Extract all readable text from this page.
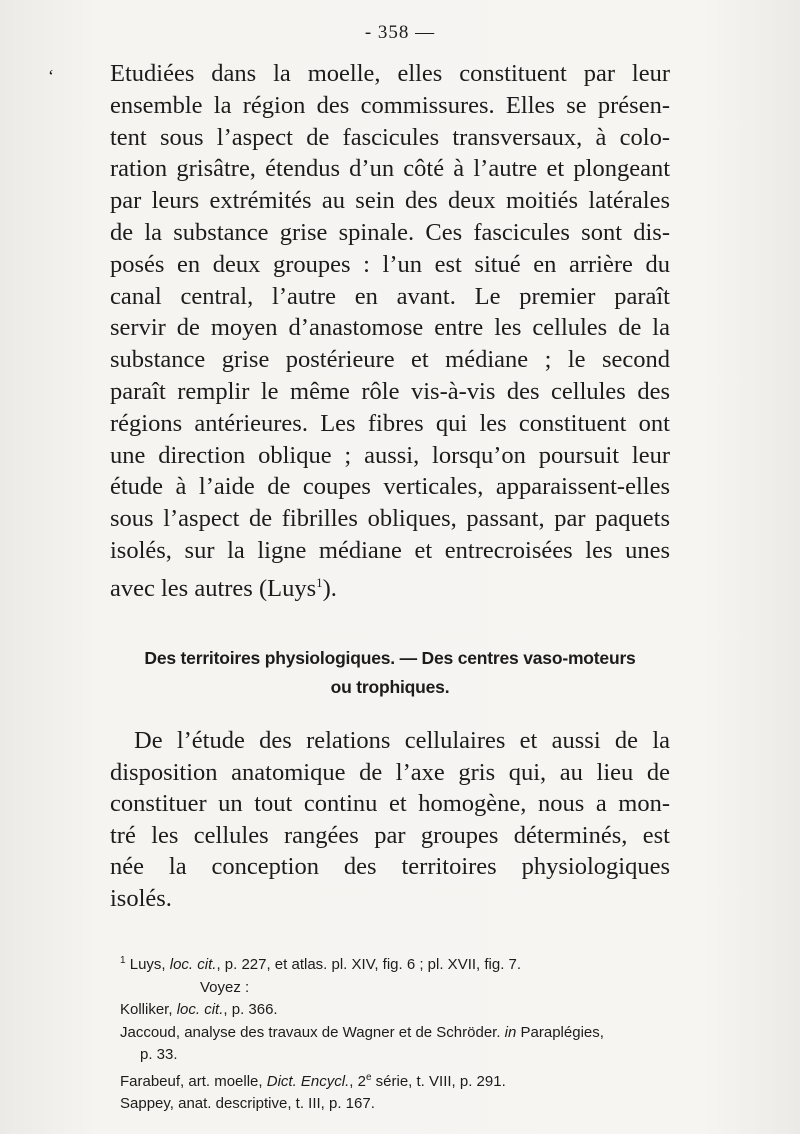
- 358 —
ʻ Etudiées dans la moelle, elles constituent par leur
ensemble la région des commissures. Elles se présen-
tent sous l’aspect de fascicules transversaux, à colo-
ration grisâtre, étendus d’un côté à l’autre et plongeant
par leurs extrémités au sein des deux moitiés latérales
de la substance grise spinale. Ces fascicules sont dis-
posés en deux groupes : l’un est situé en arrière du
canal central, l’autre en avant. Le premier paraît
servir de moyen d’anastomose entre les cellules de la
substance grise postérieure et médiane ; le second
paraît remplir le même rôle vis-à-vis des cellules des
régions antérieures. Les fibres qui les constituent ont
une direction oblique ; aussi, lorsqu’on poursuit leur
étude à l’aide de coupes verticales, apparaissent-elles
sous l’aspect de fibrilles obliques, passant, par paquets
isolés, sur la ligne médiane et entrecroisées les unes
avec les autres (Luys$^1$).
Des territoires physiologiques. — Des centres vaso-moteurs
ou trophiques.
De l’étude des relations cellulaires et aussi de la
disposition anatomique de l’axe gris qui, au lieu de
constituer un tout continu et homogène, nous a mon-
tré les cellules rangées par groupes déterminés, est
née la conception des territoires physiologiques
isolés.
$^1$ Luys, loc. cit., p. 227, et atlas. pl. XIV, fig. 6 ; pl. XVII, fig. 7.
Voyez :
Kolliker, loc. cit., p. 366.
Jaccoud, analyse des travaux de Wagner et de Schröder. in Paraplégies,
p. 33.
Farabeuf, art. moelle, Dict. Encycl., 2e série, t. VIII, p. 291.
Sappey, anat. descriptive, t. III, p. 167.
